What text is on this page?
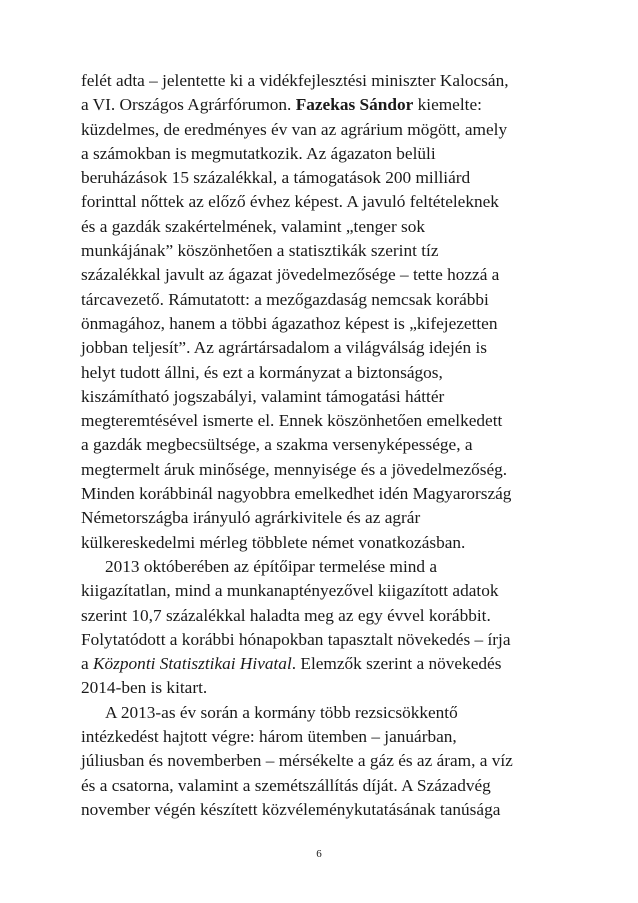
felét adta – jelentette ki a vidékfejlesztési miniszter Kalocsán,
a VI. Országos Agrárfórumon. Fazekas Sándor kiemelte:
küzdelmes, de eredményes év van az agrárium mögött, amely
a számokban is megmutatkozik. Az ágazaton belüli
beruházások 15 százalékkal, a támogatások 200 milliárd
forinttal nőttek az előző évhez képest. A javuló feltételeknek
és a gazdák szakértelmének, valamint „tenger sok
munkájának” köszönhetően a statisztikák szerint tíz
százalékkal javult az ágazat jövedelmezősége – tette hozzá a
tárcavezető. Rámutatott: a mezőgazdaság nemcsak korábbi
önmagához, hanem a többi ágazathoz képest is „kifejezetten
jobban teljesít”. Az agrártársadalom a világválság idején is
helyt tudott állni, és ezt a kormányzat a biztonságos,
kiszámítható jogszabályi, valamint támogatási háttér
megteremtésével ismerte el. Ennek köszönhetően emelkedett
a gazdák megbecsültsége, a szakma versenyképessége, a
megtermelt áruk minősége, mennyisége és a jövedelmezőség.
Minden korábbinál nagyobbra emelkedhet idén Magyarország
Németországba irányuló agrárkivitele és az agrár
külkereskedelmi mérleg többlete német vonatkozásban.
2013 októberében az építőipar termelése mind a
kiigazítatlan, mind a munkanaptényezővel kiigazított adatok
szerint 10,7 százalékkal haladta meg az egy évvel korábbit.
Folytatódott a korábbi hónapokban tapasztalt növekedés – írja
a Központi Statisztikai Hivatal. Elemzők szerint a növekedés
2014-ben is kitart.
A 2013-as év során a kormány több rezsicsökkentő
intézkedést hajtott végre: három ütemben – januárban,
júliusban és novemberben – mérsékelte a gáz és az áram, a víz
és a csatorna, valamint a szemétszállítás díját. A Századvég
november végén készített közvéleménykutatásának tanúsága
6
